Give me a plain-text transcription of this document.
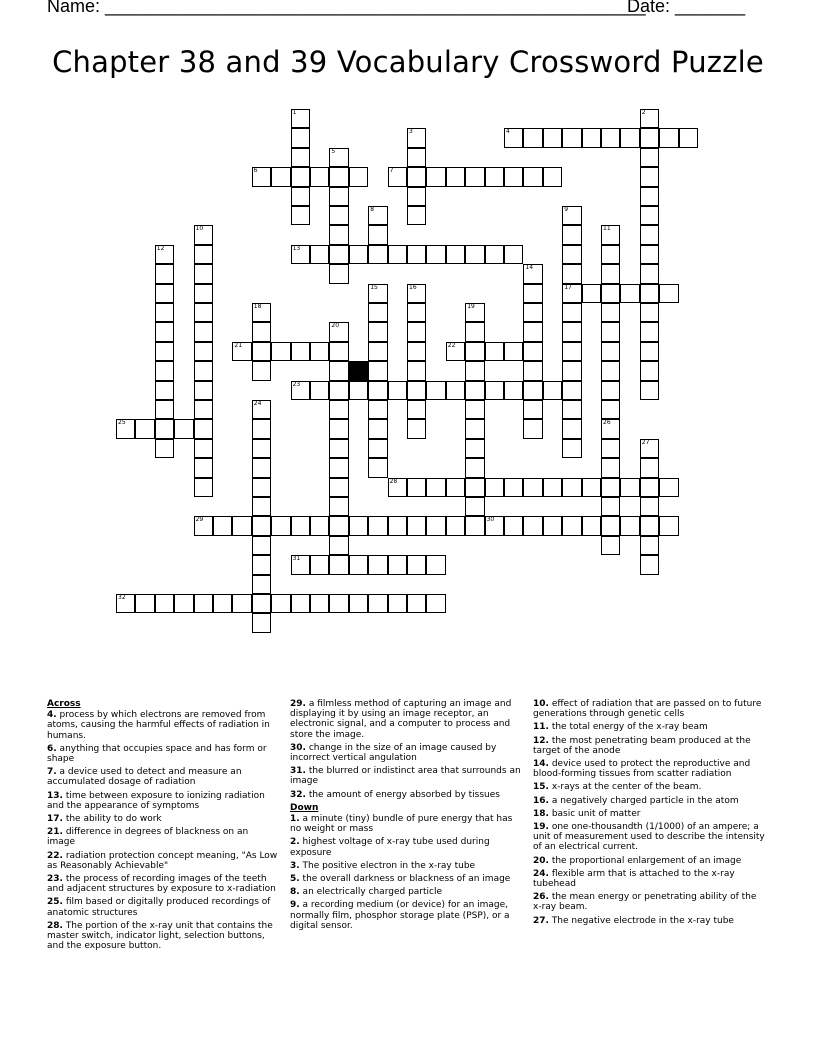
Name: ______________________________________________________
Date: _______
Chapter 38 and 39 Vocabulary Crossword Puzzle
4
6	7
13
17
21	22
23
25
28
29	30
31
32
1	2
3
5
8	9
10	11
12
14
15	16
18	19
20
24
26
27
Across
4. process by which electrons are removed from atoms, causing the harmful effects of radiation in humans.
6. anything that occupies space and has form or shape
7. a device used to detect and measure an accumulated dosage of radiation
13. time between exposure to ionizing radiation and the appearance of symptoms
17. the ability to do work
21. difference in degrees of blackness on an image
22. radiation protection concept meaning, "As Low as Reasonably Achievable"
23. the process of recording images of the teeth and adjacent structures by exposure to x-radiation
25. film based or digitally produced recordings of anatomic structures
28. The portion of the x-ray unit that contains the master switch, indicator light, selection buttons, and the exposure button.
29. a filmless method of capturing an image and displaying it by using an image receptor, an electronic signal, and a computer to process and store the image.
30. change in the size of an image caused by incorrect vertical angulation
31. the blurred or indistinct area that surrounds an image
32. the amount of energy absorbed by tissues
Down
1. a minute (tiny) bundle of pure energy that has no weight or mass
2. highest voltage of x-ray tube used during exposure
3. The positive electron in the x-ray tube
5. the overall darkness or blackness of an image
8. an electrically charged particle
9. a recording medium (or device) for an image, normally film, phosphor storage plate (PSP), or a digital sensor.
10. effect of radiation that are passed on to future generations through genetic cells
11. the total energy of the x-ray beam
12. the most penetrating beam produced at the target of the anode
14. device used to protect the reproductive and blood-forming tissues from scatter radiation
15. x-rays at the center of the beam.
16. a negatively charged particle in the atom
18. basic unit of matter
19. one one-thousandth (1/1000) of an ampere; a unit of measurement used to describe the intensity of an electrical current.
20. the proportional enlargement of an image
24. flexible arm that is attached to the x-ray tubehead
26. the mean energy or penetrating ability of the x-ray beam.
27. The negative electrode in the x-ray tube
